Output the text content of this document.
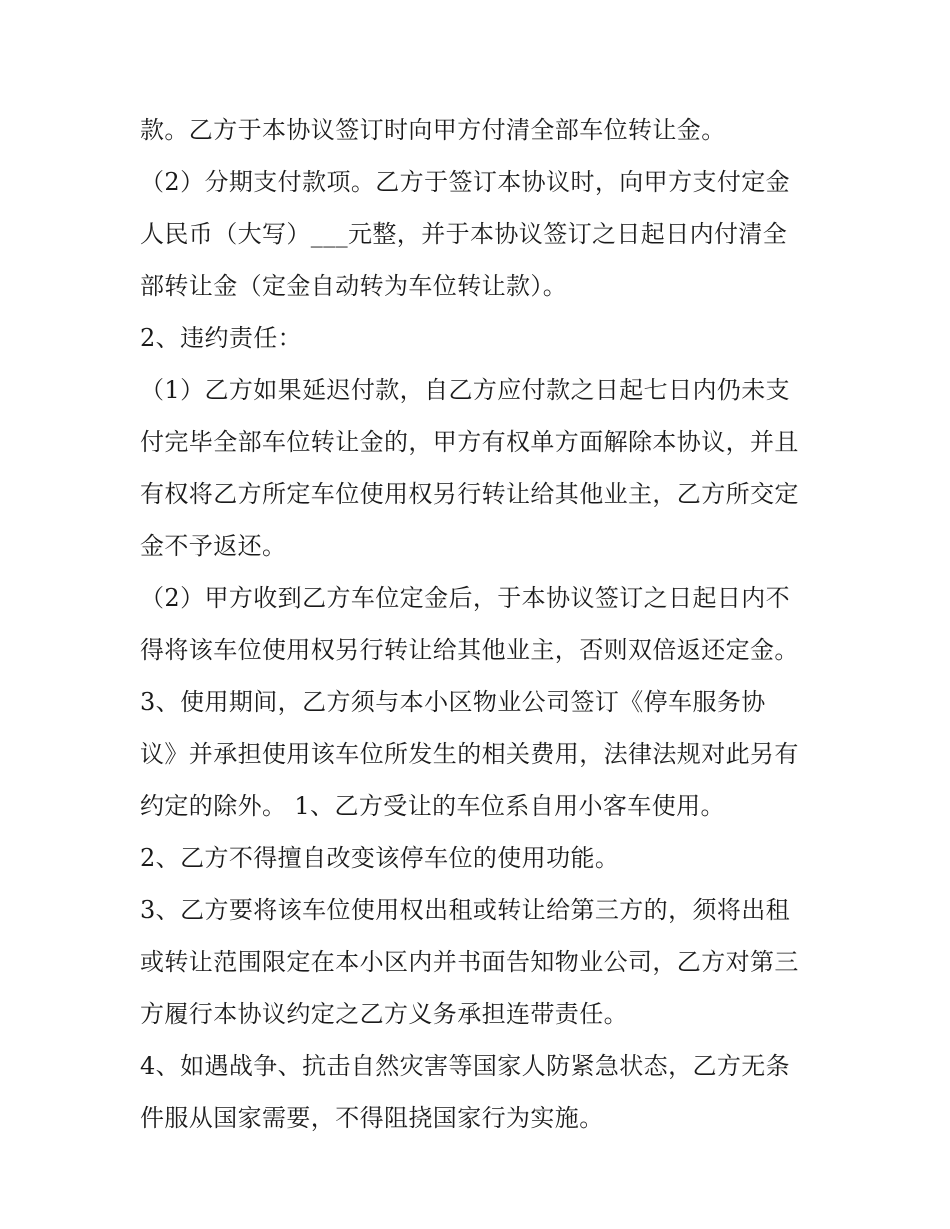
款。乙方于本协议签订时向甲方付清全部车位转让金。
（2）分期支付款项。乙方于签订本协议时，向甲方支付定金
人民币（大写）___元整，并于本协议签订之日起日内付清全
部转让金（定金自动转为车位转让款）。
2、违约责任：
（1）乙方如果延迟付款，自乙方应付款之日起七日内仍未支
付完毕全部车位转让金的，甲方有权单方面解除本协议，并且
有权将乙方所定车位使用权另行转让给其他业主，乙方所交定
金不予返还。
（2）甲方收到乙方车位定金后，于本协议签订之日起日内不
得将该车位使用权另行转让给其他业主，否则双倍返还定金。
3、使用期间，乙方须与本小区物业公司签订《停车服务协
议》并承担使用该车位所发生的相关费用，法律法规对此另有
约定的除外。 1、乙方受让的车位系自用小客车使用。
2、乙方不得擅自改变该停车位的使用功能。
3、乙方要将该车位使用权出租或转让给第三方的，须将出租
或转让范围限定在本小区内并书面告知物业公司，乙方对第三
方履行本协议约定之乙方义务承担连带责任。
4、如遇战争、抗击自然灾害等国家人防紧急状态，乙方无条
件服从国家需要，不得阻挠国家行为实施。
